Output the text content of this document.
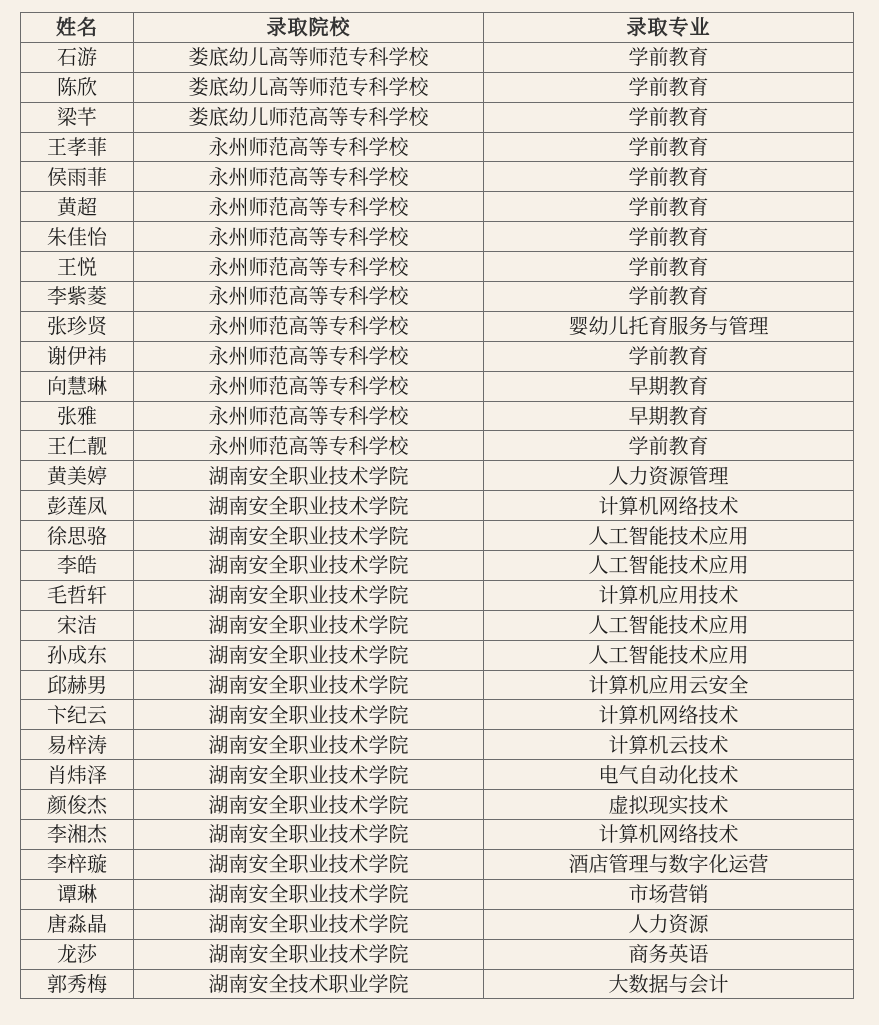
姓名	录取院校	录取专业
石游	娄底幼儿高等师范专科学校	学前教育
陈欣	娄底幼儿高等师范专科学校	学前教育
梁芊	娄底幼儿师范高等专科学校	学前教育
王孝菲	永州师范高等专科学校	学前教育
侯雨菲	永州师范高等专科学校	学前教育
黄超	永州师范高等专科学校	学前教育
朱佳怡	永州师范高等专科学校	学前教育
王悦	永州师范高等专科学校	学前教育
李紫菱	永州师范高等专科学校	学前教育
张珍贤	永州师范高等专科学校	婴幼儿托育服务与管理
谢伊祎	永州师范高等专科学校	学前教育
向慧琳	永州师范高等专科学校	早期教育
张雅	永州师范高等专科学校	早期教育
王仁靓	永州师范高等专科学校	学前教育
黄美婷	湖南安全职业技术学院	人力资源管理
彭莲凤	湖南安全职业技术学院	计算机网络技术
徐思骆	湖南安全职业技术学院	人工智能技术应用
李皓	湖南安全职业技术学院	人工智能技术应用
毛哲轩	湖南安全职业技术学院	计算机应用技术
宋洁	湖南安全职业技术学院	人工智能技术应用
孙成东	湖南安全职业技术学院	人工智能技术应用
邱赫男	湖南安全职业技术学院	计算机应用云安全
卞纪云	湖南安全职业技术学院	计算机网络技术
易梓涛	湖南安全职业技术学院	计算机云技术
肖炜泽	湖南安全职业技术学院	电气自动化技术
颜俊杰	湖南安全职业技术学院	虚拟现实技术
李湘杰	湖南安全职业技术学院	计算机网络技术
李梓璇	湖南安全职业技术学院	酒店管理与数字化运营
谭琳	湖南安全职业技术学院	市场营销
唐淼晶	湖南安全职业技术学院	人力资源
龙莎	湖南安全职业技术学院	商务英语
郭秀梅	湖南安全技术职业学院	大数据与会计
